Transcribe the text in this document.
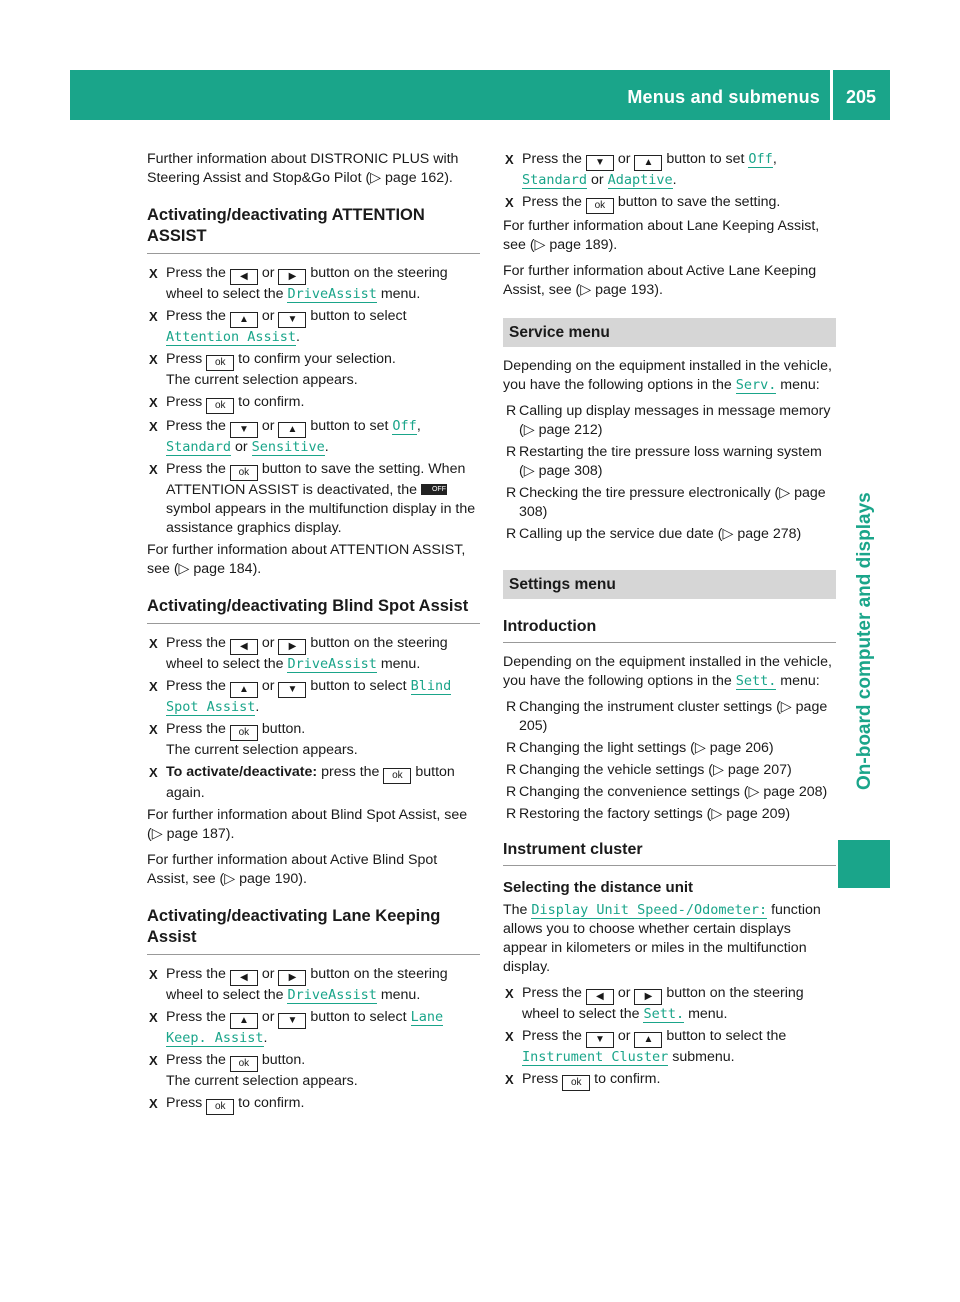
Menus and submenus 205
On-board computer and displays

Further information about DISTRONIC PLUS with Steering Assist and Stop&Go Pilot (▷ page 162).

Activating/deactivating ATTENTION ASSIST
X Press the ◀ or ▶ button on the steering wheel to select the DriveAssist menu.
X Press the ▲ or ▼ button to select Attention Assist.
X Press ok to confirm your selection.
The current selection appears.
X Press ok to confirm.
X Press the ▼ or ▲ button to set Off, Standard or Sensitive.
X Press the ok button to save the setting. When ATTENTION ASSIST is deactivated, the OFF symbol appears in the multifunction display in the assistance graphics display.

For further information about ATTENTION ASSIST, see (▷ page 184).

Activating/deactivating Blind Spot Assist
X Press the ◀ or ▶ button on the steering wheel to select the DriveAssist menu.
X Press the ▲ or ▼ button to select Blind Spot Assist.
X Press the ok button.
The current selection appears.
X To activate/deactivate: press the ok button again.

For further information about Blind Spot Assist, see (▷ page 187).

For further information about Active Blind Spot Assist, see (▷ page 190).

Activating/deactivating Lane Keeping Assist
X Press the ◀ or ▶ button on the steering wheel to select the DriveAssist menu.
X Press the ▲ or ▼ button to select Lane Keep. Assist.
X Press the ok button.
The current selection appears.
X Press ok to confirm.
X Press the ▼ or ▲ button to set Off, Standard or Adaptive.
X Press the ok button to save the setting.

For further information about Lane Keeping Assist, see (▷ page 189).

For further information about Active Lane Keeping Assist, see (▷ page 193).

Service menu

Depending on the equipment installed in the vehicle, you have the following options in the Serv. menu:

R Calling up display messages in message memory (▷ page 212)
R Restarting the tire pressure loss warning system (▷ page 308)
R Checking the tire pressure electronically (▷ page 308)
R Calling up the service due date (▷ page 278)
Settings menu
Introduction

Depending on the equipment installed in the vehicle, you have the following options in the Sett. menu:

R Changing the instrument cluster settings (▷ page 205)
R Changing the light settings (▷ page 206)
R Changing the vehicle settings (▷ page 207)
R Changing the convenience settings (▷ page 208)
R Restoring the factory settings (▷ page 209)
Instrument cluster
Selecting the distance unit

The Display Unit Speed-/Odometer: function allows you to choose whether certain displays appear in kilometers or miles in the multifunction display.

X Press the ◀ or ▶ button on the steering wheel to select the Sett. menu.
X Press the ▼ or ▲ button to select the Instrument Cluster submenu.
X Press ok to confirm.
